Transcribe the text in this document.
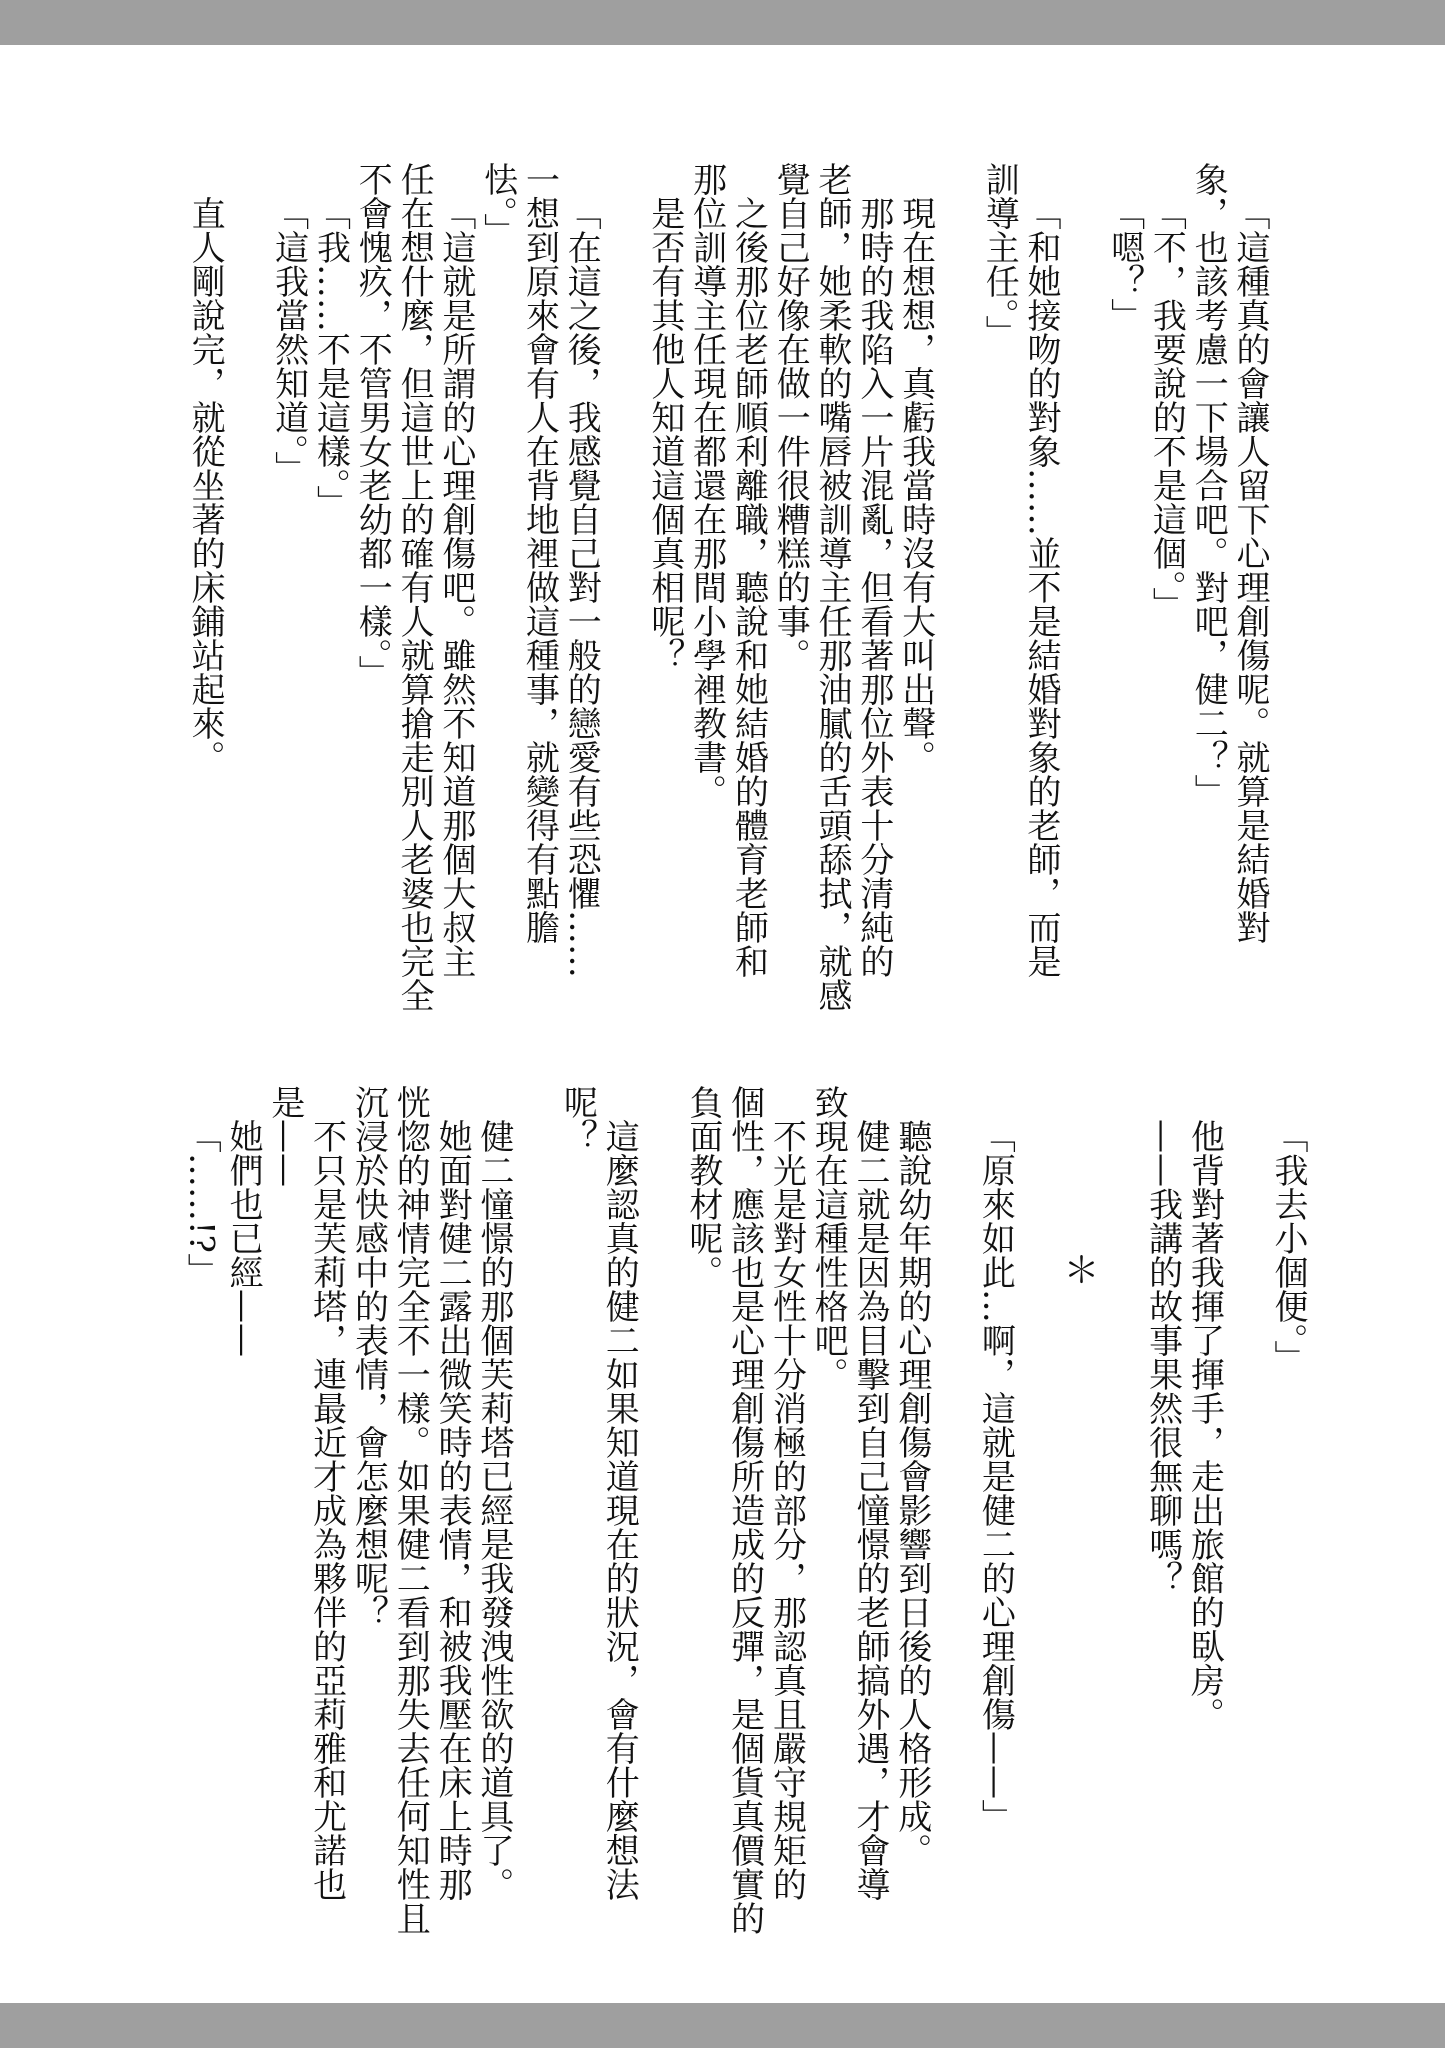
「這種真的會讓人留下心理創傷呢。就算是結婚對
象，也該考慮一下場合吧。對吧，健二？」
「不，我要說的不是這個。」
「嗯？」
「和她接吻的對象……並不是結婚對象的老師，而是
訓導主任。」
現在想想，真虧我當時沒有大叫出聲。
那時的我陷入一片混亂，但看著那位外表十分清純的
老師，她柔軟的嘴唇被訓導主任那油膩的舌頭舔拭，就感
覺自己好像在做一件很糟糕的事。
之後那位老師順利離職，聽說和她結婚的體育老師和
那位訓導主任現在都還在那間小學裡教書。
是否有其他人知道這個真相呢？
「在這之後，我感覺自己對一般的戀愛有些恐懼……
一想到原來會有人在背地裡做這種事，就變得有點膽
怯。」
「這就是所謂的心理創傷吧。雖然不知道那個大叔主
任在想什麼，但這世上的確有人就算搶走別人老婆也完全
不會愧疚，不管男女老幼都一樣。」
「我……不是這樣。」
「這我當然知道。」
直人剛說完，就從坐著的床鋪站起來。
「我去小個便。」
他背對著我揮了揮手，走出旅館的臥房。
——我講的故事果然很無聊嗎？
＊
「原來如此…啊，這就是健二的心理創傷——」
聽說幼年期的心理創傷會影響到日後的人格形成。
健二就是因為目擊到自己憧憬的老師搞外遇，才會導
致現在這種性格吧。
不光是對女性十分消極的部分，那認真且嚴守規矩的
個性，應該也是心理創傷所造成的反彈，是個貨真價實的
負面教材呢。
這麼認真的健二如果知道現在的狀況，會有什麼想法
呢？
健二憧憬的那個芙莉塔已經是我發洩性欲的道具了。
她面對健二露出微笑時的表情，和被我壓在床上時那
恍惚的神情完全不一樣。如果健二看到那失去任何知性且
沉浸於快感中的表情，會怎麼想呢？
不只是芙莉塔，連最近才成為夥伴的亞莉雅和尤諾也
是——
她們也已經——
「……!?」
